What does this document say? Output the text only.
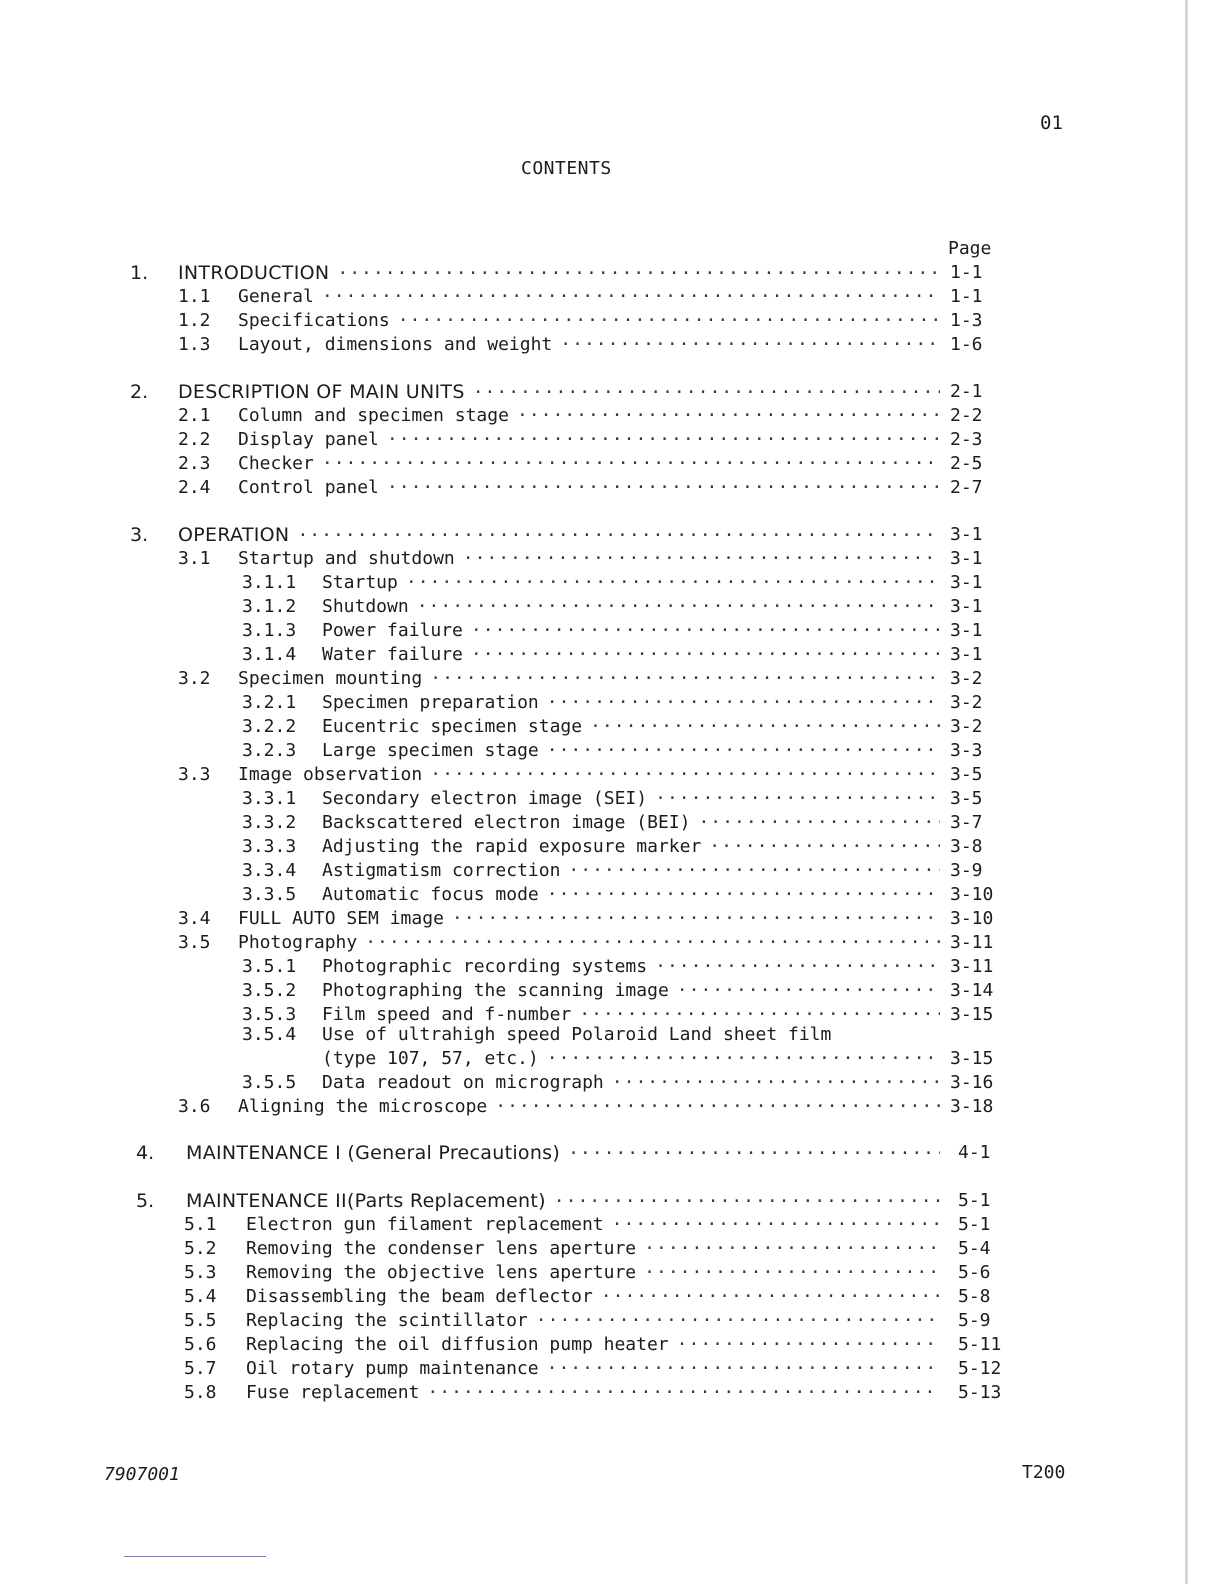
01
CONTENTS
Page
1.	INTRODUCTION ·····	1-1
1.1	General ·····	1-1
1.2	Specifications ·····	1-3
1.3	Layout, dimensions and weight ·····	1-6
2.	DESCRIPTION OF MAIN UNITS ·····	2-1
2.1	Column and specimen stage ·····	2-2
2.2	Display panel ·····	2-3
2.3	Checker ·····	2-5
2.4	Control panel ·····	2-7
3.	OPERATION ·····	3-1
3.1	Startup and shutdown ·····	3-1
3.1.1	Startup ·····	3-1
3.1.2	Shutdown ·····	3-1
3.1.3	Power failure ·····	3-1
3.1.4	Water failure ·····	3-1
3.2	Specimen mounting ·····	3-2
3.2.1	Specimen preparation ·····	3-2
3.2.2	Eucentric specimen stage ·····	3-2
3.2.3	Large specimen stage ·····	3-3
3.3	Image observation ·····	3-5
3.3.1	Secondary electron image (SEI) ·····	3-5
3.3.2	Backscattered electron image (BEI) ·····	3-7
3.3.3	Adjusting the rapid exposure marker ·····	3-8
3.3.4	Astigmatism correction ·····	3-9
3.3.5	Automatic focus mode ·····	3-10
3.4	FULL AUTO SEM image ·····	3-10
3.5	Photography ·····	3-11
3.5.1	Photographic recording systems ·····	3-11
3.5.2	Photographing the scanning image ·····	3-14
3.5.3	Film speed and f-number ·····	3-15
3.5.4	Use of ultrahigh speed Polaroid Land sheet film
(type 107, 57, etc.) ·····	3-15
3.5.5	Data readout on micrograph ·····	3-16
3.6	Aligning the microscope ·····	3-18
4.	MAINTENANCE I (General Precautions) ·····	4-1
5.	MAINTENANCE II(Parts Replacement) ·····	5-1
5.1	Electron gun filament replacement ·····	5-1
5.2	Removing the condenser lens aperture ·····	5-4
5.3	Removing the objective lens aperture ·····	5-6
5.4	Disassembling the beam deflector ·····	5-8
5.5	Replacing the scintillator ·····	5-9
5.6	Replacing the oil diffusion pump heater ·····	5-11
5.7	Oil rotary pump maintenance ·····	5-12
5.8	Fuse replacement ·····	5-13
7907001	T200
